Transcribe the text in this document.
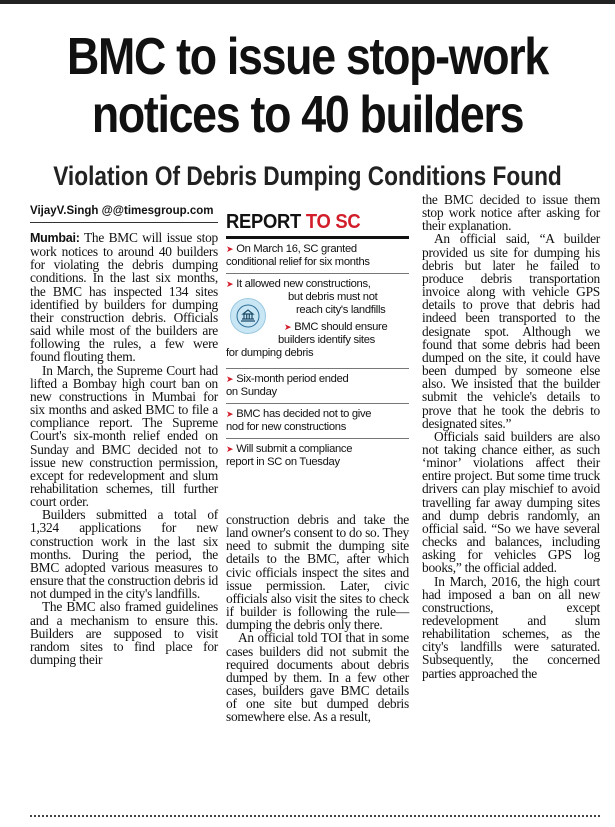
BMC to issue stop-work
notices to 40 builders
Violation Of Debris Dumping Conditions Found
VijayV.Singh @@timesgroup.com

Mumbai: The BMC will issue stop work notices to around 40 builders for violating the debris dumping conditions. In the last six months, the BMC has inspected 134 sites identified by builders for dumping their construction debris. Officials said while most of the builders are following the rules, a few were found flouting them.

In March, the Supreme Court had lifted a Bombay high court ban on new constructions in Mumbai for six months and asked BMC to file a compliance report. The Supreme Court's six-month relief ended on Sunday and BMC decided not to issue new construction permission, except for redevelopment and slum rehabilitation schemes, till further court order.

Builders submitted a total of 1,324 applications for new construction work in the last six months. During the period, the BMC adopted various measures to ensure that the construction debris id not dumped in the city's landfills.

The BMC also framed guidelines and a mechanism to ensure this. Builders are supposed to visit random sites to find place for dumping their

REPORT TO SC
➤ On March 16, SC granted
conditional relief for six months
➤ It allowed new constructions,
but debris must not
reach city's landfills
➤ BMC should ensure
builders identify sites
for dumping debris
➤ Six-month period ended
on Sunday
➤ BMC has decided not to give
nod for new constructions
➤ Will submit a compliance
report in SC on Tuesday

construction debris and take the land owner's consent to do so. They need to submit the dumping site details to the BMC, after which civic officials inspect the sites and issue permission. Later, civic officials also visit the sites to check if builder is following the rule— dumping the debris only there.

An official told TOI that in some cases builders did not submit the required documents about debris dumped by them. In a few other cases, builders gave BMC details of one site but dumped debris somewhere else. As a result,

the BMC decided to issue them stop work notice after asking for their explanation.

An official said, “A builder provided us site for dumping his debris but later he failed to produce debris transportation invoice along with vehicle GPS details to prove that debris had indeed been transported to the designate spot. Although we found that some debris had been dumped on the site, it could have been dumped by someone else also. We insisted that the builder submit the vehicle's details to prove that he took the debris to designated sites.”

Officials said builders are also not taking chance either, as such ‘minor’ violations affect their entire project. But some time truck drivers can play mischief to avoid travelling far away dumping sites and dump debris randomly, an official said. “So we have several checks and balances, including asking for vehicles GPS log books,” the official added.

In March, 2016, the high court had imposed a ban on all new constructions, except redevelopment and slum rehabilitation schemes, as the city's landfills were saturated. Subsequently, the concerned parties approached the
